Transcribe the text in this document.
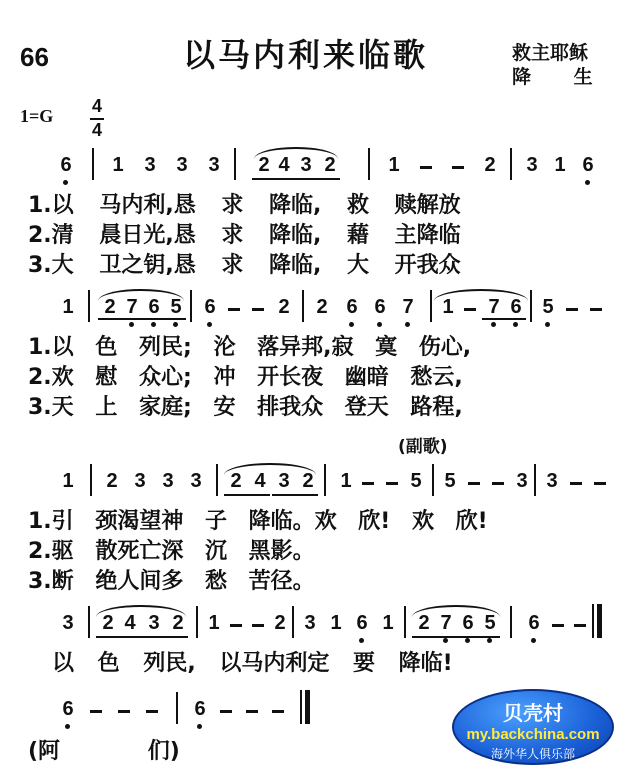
66	以马内利来临歌	救主耶稣
降 生
1=G 4
4
6 1 3 3 3 2 4 3 2	1	2 3 1 6
1.以 马内利,恳 求 降临, 救 赎解放
2.清 晨日光,恳 求 降临, 藉 主降临
3.大 卫之钥,恳 求 降临, 大 开我众
1 2 7 6 5 6	2 2 6 6 7 1 7 6 5
1.以 色 列民; 沦 落异邦,寂 寞 伤心,
2.欢 慰 众心; 冲 开长夜 幽暗 愁云,
3.天 上 家庭; 安 排我众 登天 路程,
(副歌)
1 2 3 3 3 2 4 3 2 1	5 5	3 3
1.引 颈渴望神 子 降临。欢 欣! 欢 欣!
2.驱 散死亡深 沉 黑影。
3.断 绝人间多 愁 苦径。
3 2 4 3 2 1	2 3 1 6 1 2 7 6 5 6
以 色 列民, 以马内利定 要 降临!
6	6
(阿 们)
贝壳村
my.backchina.com
海外华人俱乐部
